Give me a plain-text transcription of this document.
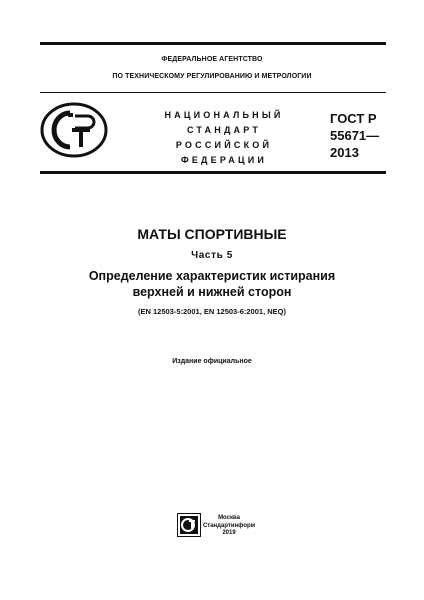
ФЕДЕРАЛЬНОЕ АГЕНТСТВО
ПО ТЕХНИЧЕСКОМУ РЕГУЛИРОВАНИЮ И МЕТРОЛОГИИ
НАЦИОНАЛЬНЫЙ
СТАНДАРТ
РОССИЙСКОЙ
ФЕДЕРАЦИИ
ГОСТ Р
55671—
2013
МАТЫ СПОРТИВНЫЕ
Часть 5
Определение характеристик истирания
верхней и нижней сторон
(EN 12503-5:2001, EN 12503-6:2001, NEQ)
Издание официальное
Москва
Стандартинформ
2019
